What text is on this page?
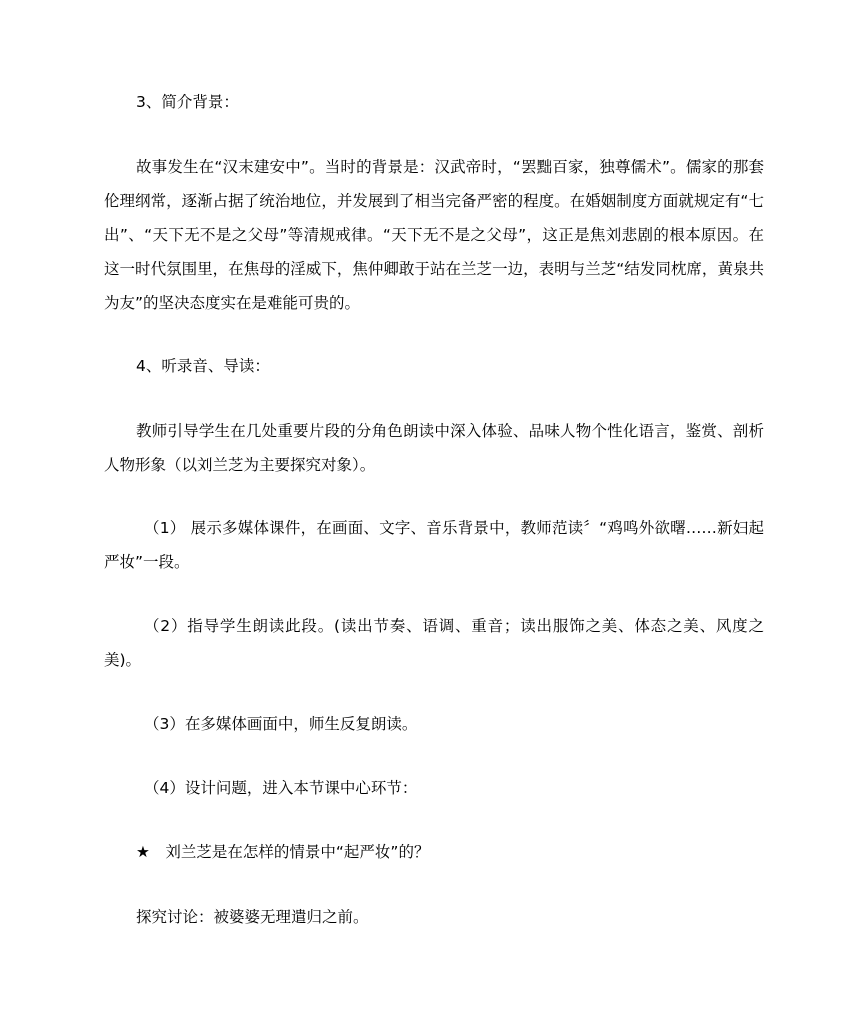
3、简介背景：

故事发生在“汉末建安中”。当时的背景是：汉武帝时，“罢黜百家，独尊儒术”。儒家的那套伦理纲常，逐渐占据了统治地位，并发展到了相当完备严密的程度。在婚姻制度方面就规定有“七出”、“天下无不是之父母”等清规戒律。“天下无不是之父母”，这正是焦刘悲剧的根本原因。在这一时代氛围里，在焦母的淫威下，焦仲卿敢于站在兰芝一边，表明与兰芝“结发同枕席，黄泉共为友”的坚决态度实在是难能可贵的。

4、听录音、导读：

教师引导学生在几处重要片段的分角色朗读中深入体验、品味人物个性化语言，鉴赏、剖析人物形象（以刘兰芝为主要探究对象）。

（1） 展示多媒体课件，在画面、文字、音乐背景中，教师范读〞“鸡鸣外欲曙……新妇起严妆”一段。

（2）指导学生朗读此段。(读出节奏、语调、重音；读出服饰之美、体态之美、风度之美)。

（3）在多媒体画面中，师生反复朗读。

（4）设计问题，进入本节课中心环节：

★　刘兰芝是在怎样的情景中“起严妆”的？

探究讨论：被婆婆无理遣归之前。
